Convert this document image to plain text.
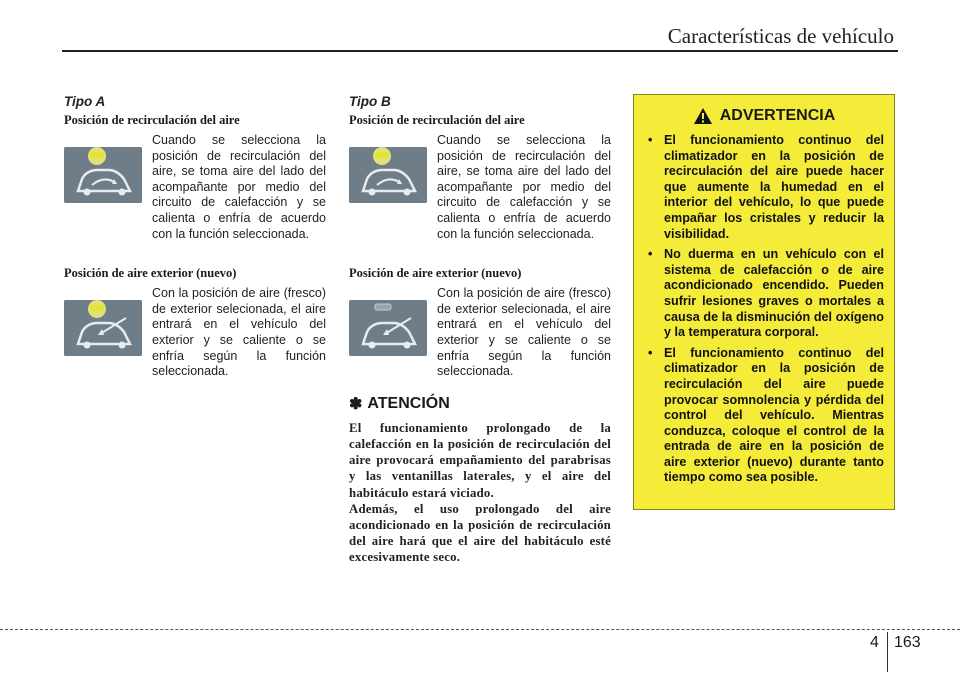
Características de vehículo
Tipo A
Posición de recirculación del aire
Cuando se selecciona la posición de recirculación del aire, se toma aire del lado del acompañante por medio del circuito de calefacción y se calienta o enfría de acuerdo con la función seleccionada.
Posición de aire exterior (nuevo)
Con la posición de aire (fresco) de exterior selecionada, el aire entrará en el vehículo del exterior y se caliente o se enfría según la función seleccionada.
Tipo B
Posición de recirculación del aire
Cuando se selecciona la posición de recirculación del aire, se toma aire del lado del acompañante por medio del circuito de calefacción y se calienta o enfría de acuerdo con la función seleccionada.
Posición de aire exterior (nuevo)
Con la posición de aire (fresco) de exterior selecionada, el aire entrará en el vehículo del exterior y se caliente o se enfría según la función seleccionada.
✽ ATENCIÓN
El funcionamiento prolongado de la calefacción en la posición de recirculación del aire provocará empañamiento del parabrisas y las ventanillas laterales, y el aire del habitáculo estará viciado.
Además, el uso prolongado del aire acondicionado en la posición de recirculación del aire hará que el aire del habitáculo esté excesivamente seco.
ADVERTENCIA
• El funcionamiento continuo del climatizador en la posición de recirculación del aire puede hacer que aumente la humedad en el interior del vehículo, lo que puede empañar los cristales y reducir la visibilidad.
• No duerma en un vehículo con el sistema de calefacción o de aire acondicionado encendido. Pueden sufrir lesiones graves o mortales a causa de la disminución del oxígeno y la temperatura corporal.
• El funcionamiento continuo del climatizador en la posición de recirculación del aire puede provocar somnolencia y pérdida del control del vehículo. Mientras conduzca, coloque el control de la entrada de aire en la posición de aire exterior (nuevo) durante tanto tiempo como sea posible.
4 163
